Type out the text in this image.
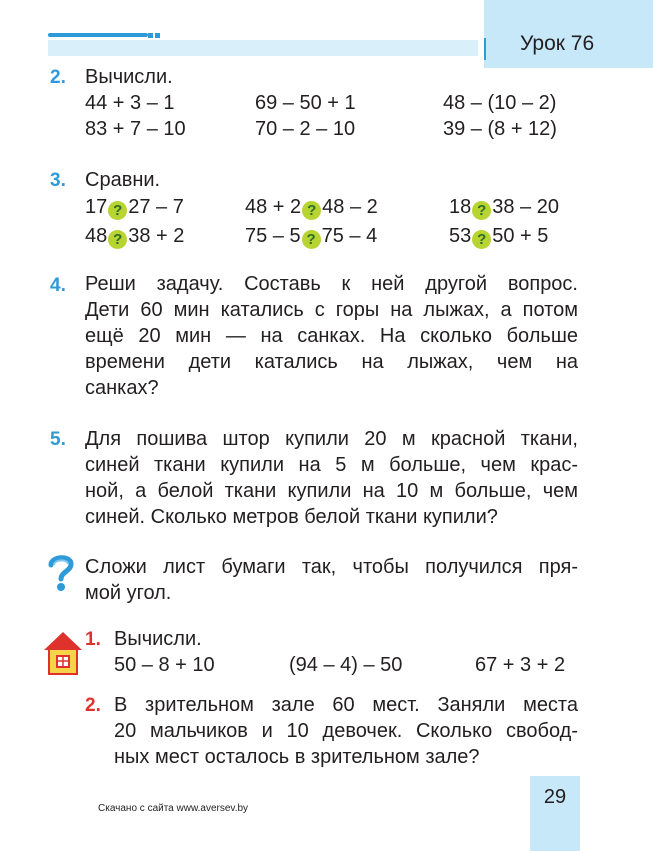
Урок 76
2. Вычисли.
44 + 3 – 1	69 – 50 + 1	48 – (10 – 2)
83 + 7 – 10	70 – 2 – 10	39 – (8 + 12)
3. Сравни.
17 ? 27 – 7	48 + 2 ? 48 – 2	18 ? 38 – 20
48 ? 38 + 2	75 – 5 ? 75 – 4	53 ? 50 + 5
4. Реши задачу. Составь к ней другой вопрос.
Дети 60 мин катались с горы на лыжах, а потом
ещё 20 мин — на санках. На сколько больше
времени дети катались на лыжах, чем на
санках?
5. Для пошива штор купили 20 м красной ткани,
синей ткани купили на 5 м больше, чем крас-
ной, а белой ткани купили на 10 м больше, чем
синей. Сколько метров белой ткани купили?
Сложи лист бумаги так, чтобы получился пря-
мой угол.
1. Вычисли.
50 – 8 + 10	(94 – 4) – 50	67 + 3 + 2
2. В зрительном зале 60 мест. Заняли места
20 мальчиков и 10 девочек. Сколько свобод-
ных мест осталось в зрительном зале?
Скачано с сайта www.aversev.by
29
